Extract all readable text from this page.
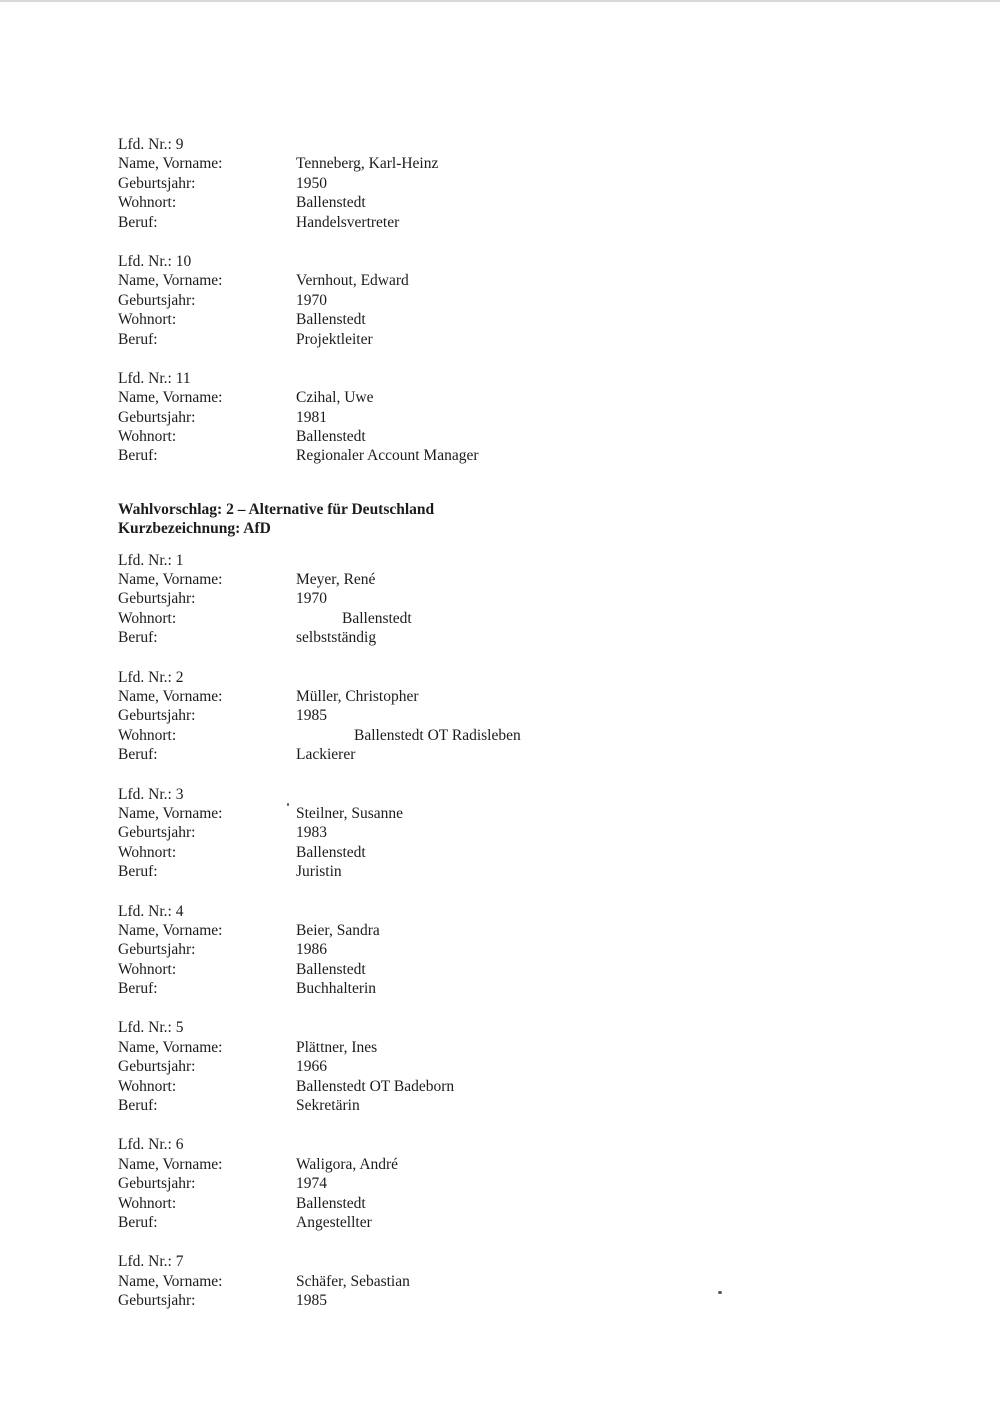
Lfd. Nr.: 9
Name, Vorname:	Tenneberg, Karl-Heinz
Geburtsjahr:	1950
Wohnort:	Ballenstedt
Beruf:	Handelsvertreter
Lfd. Nr.: 10
Name, Vorname:	Vernhout, Edward
Geburtsjahr:	1970
Wohnort:	Ballenstedt
Beruf:	Projektleiter
Lfd. Nr.: 11
Name, Vorname:	Czihal, Uwe
Geburtsjahr:	1981
Wohnort:	Ballenstedt
Beruf:	Regionaler Account Manager
Wahlvorschlag: 2 – Alternative für Deutschland
Kurzbezeichnung: AfD
Lfd. Nr.: 1
Name, Vorname:	Meyer, René
Geburtsjahr:	1970
Wohnort:	Ballenstedt
Beruf:	selbstständig
Lfd. Nr.: 2
Name, Vorname:	Müller, Christopher
Geburtsjahr:	1985
Wohnort:	Ballenstedt OT Radisleben
Beruf:	Lackierer
Lfd. Nr.: 3
Name, Vorname:	Steilner, Susanne
Geburtsjahr:	1983
Wohnort:	Ballenstedt
Beruf:	Juristin
Lfd. Nr.: 4
Name, Vorname:	Beier, Sandra
Geburtsjahr:	1986
Wohnort:	Ballenstedt
Beruf:	Buchhalterin
Lfd. Nr.: 5
Name, Vorname:	Plättner, Ines
Geburtsjahr:	1966
Wohnort:	Ballenstedt OT Badeborn
Beruf:	Sekretärin
Lfd. Nr.: 6
Name, Vorname:	Waligora, André
Geburtsjahr:	1974
Wohnort:	Ballenstedt
Beruf:	Angestellter
Lfd. Nr.: 7
Name, Vorname:	Schäfer, Sebastian
Geburtsjahr:	1985
